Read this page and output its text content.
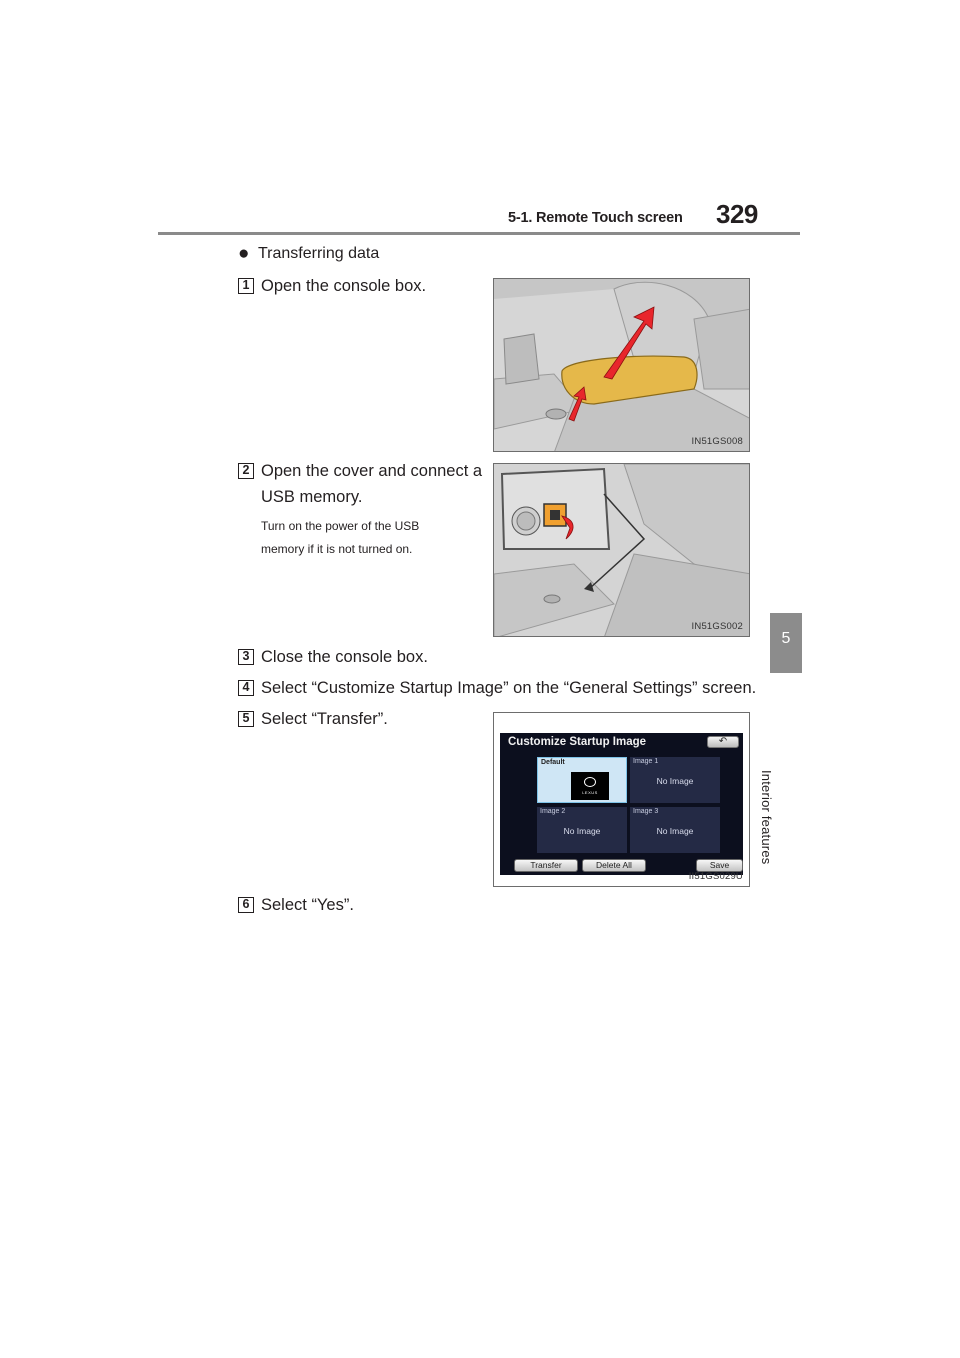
5-1. Remote Touch screen 329
5
Interior features
● Transferring data
1 Open the console box.
IN51GS008
2 Open the cover and connect a
USB memory.
Turn on the power of the USB
memory if it is not turned on.
IN51GS002
3 Close the console box.
4 Select “Customize Startup Image” on the “General Settings” screen.
5 Select “Transfer”.
Customize Startup Image	↶
Default
LEXUS
Image 1
No Image
Image 2
No Image
Image 3
No Image
Transfer	Delete All	Save
II51GS029U
6 Select “Yes”.
